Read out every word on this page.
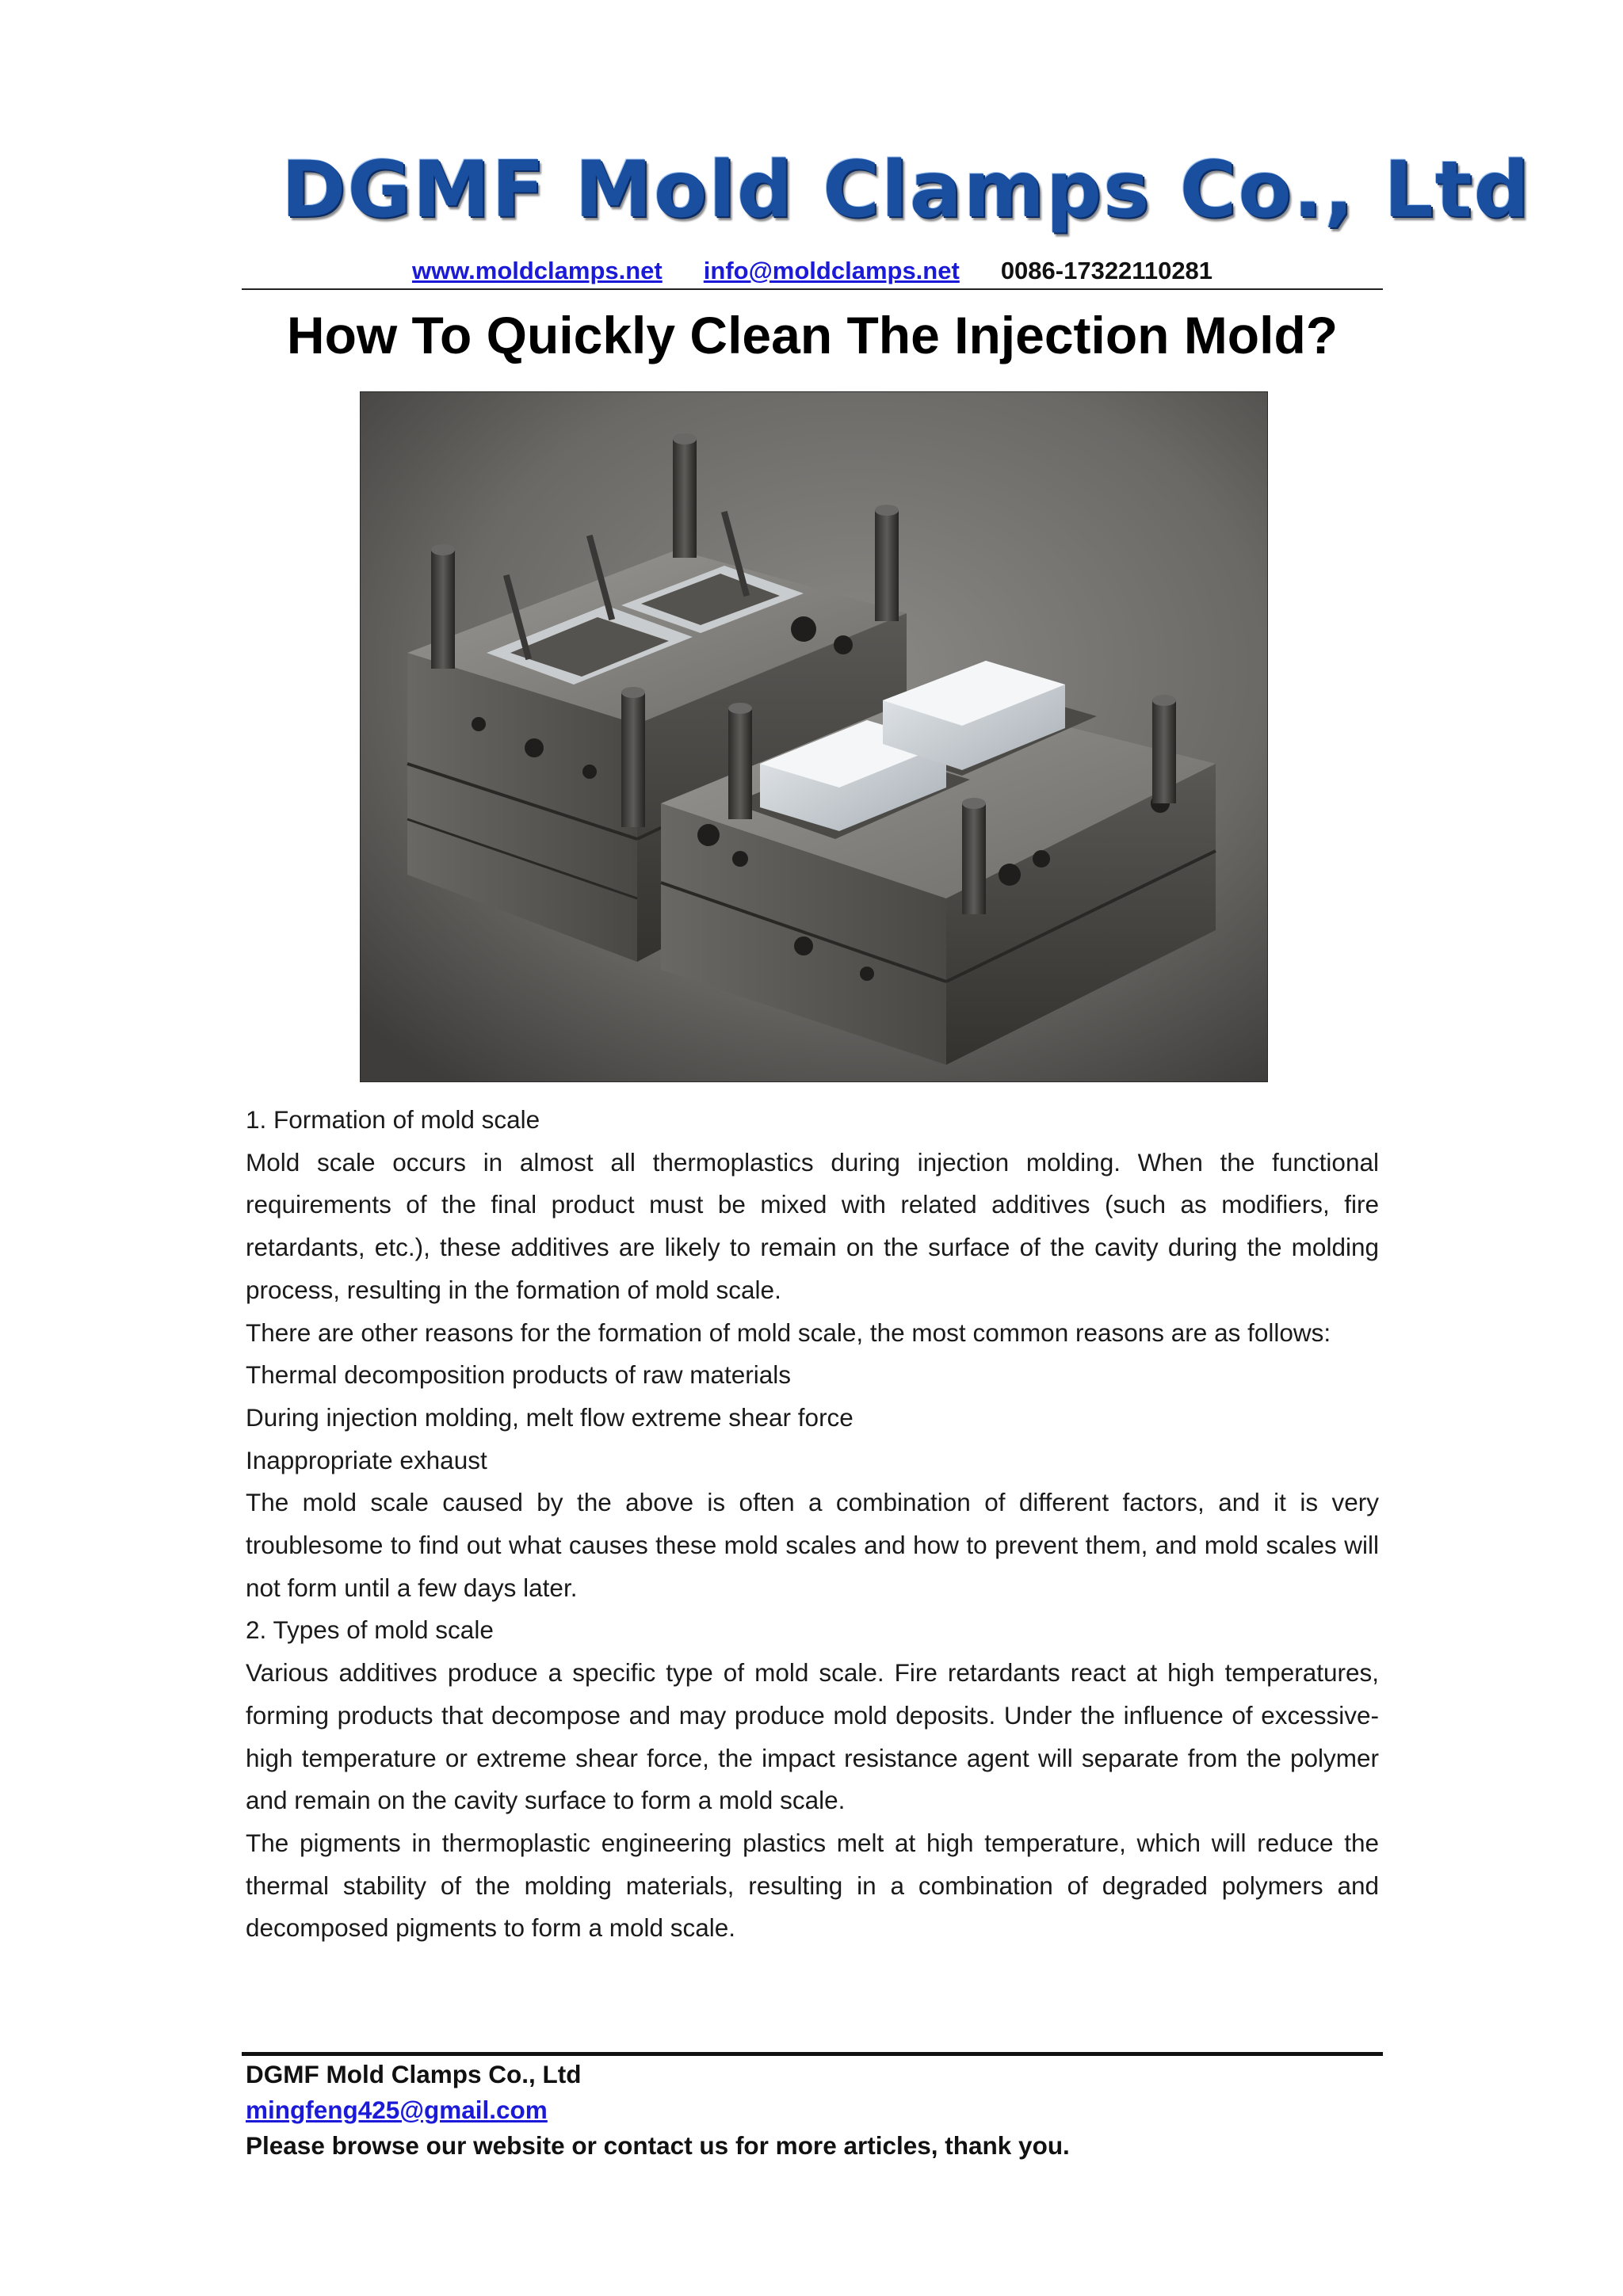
DGMF Mold Clamps Co., Ltd
www.moldclamps.net info@moldclamps.net 0086-17322110281
How To Quickly Clean The Injection Mold?

1. Formation of mold scale

Mold scale occurs in almost all thermoplastics during injection molding. When the functional requirements of the final product must be mixed with related additives (such as modifiers, fire retardants, etc.), these additives are likely to remain on the surface of the cavity during the molding process, resulting in the formation of mold scale.

There are other reasons for the formation of mold scale, the most common reasons are as follows:

Thermal decomposition products of raw materials

During injection molding, melt flow extreme shear force

Inappropriate exhaust

The mold scale caused by the above is often a combination of different factors, and it is very troublesome to find out what causes these mold scales and how to prevent them, and mold scales will not form until a few days later.

2. Types of mold scale

Various additives produce a specific type of mold scale. Fire retardants react at high temperatures, forming products that decompose and may produce mold deposits. Under the influence of excessive-high temperature or extreme shear force, the impact resistance agent will separate from the polymer and remain on the cavity surface to form a mold scale.

The pigments in thermoplastic engineering plastics melt at high temperature, which will reduce the thermal stability of the molding materials, resulting in a combination of degraded polymers and decomposed pigments to form a mold scale.

DGMF Mold Clamps Co., Ltd
mingfeng425@gmail.com
Please browse our website or contact us for more articles, thank you.
